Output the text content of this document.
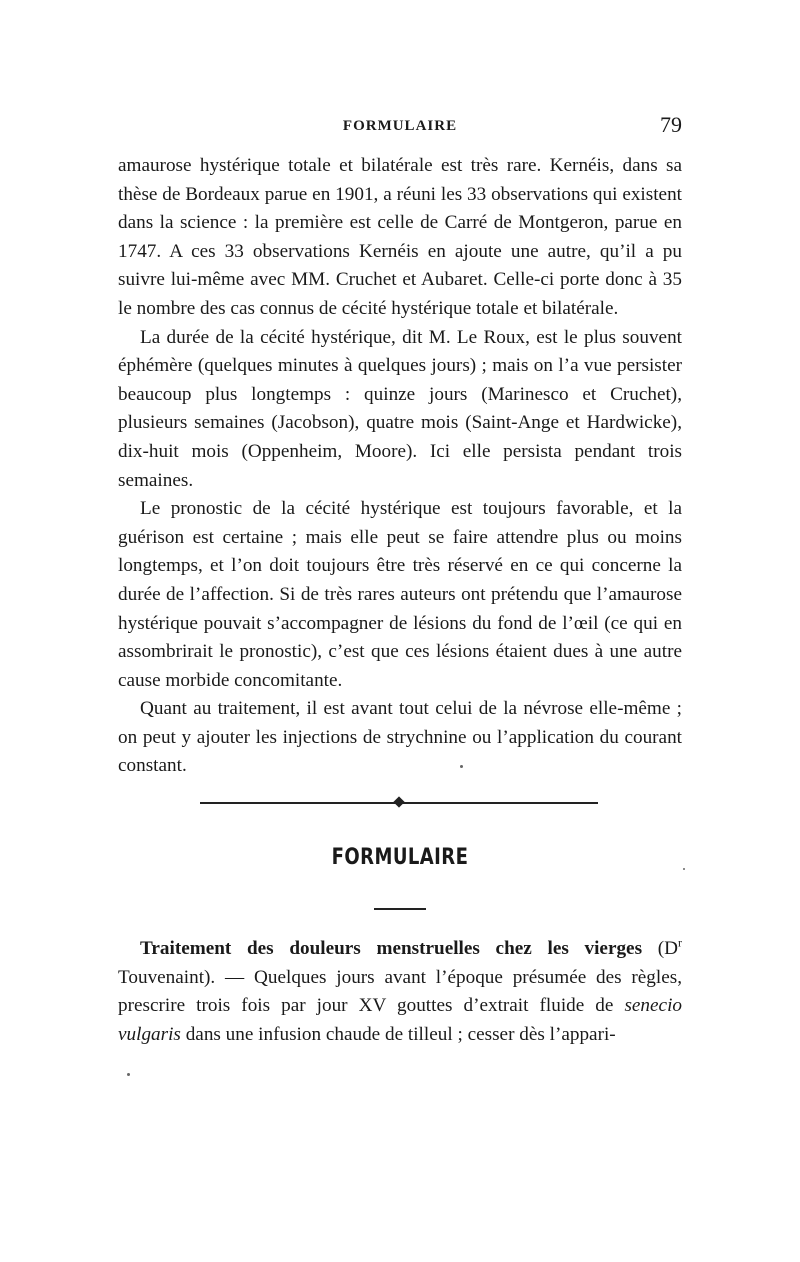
FORMULAIRE	79

amaurose hystérique totale et bilatérale est très rare. Kernéis, dans sa thèse de Bordeaux parue en 1901, a réuni les 33 observations qui existent dans la science : la première est celle de Carré de Montgeron, parue en 1747. A ces 33 observations Kernéis en ajoute une autre, qu’il a pu suivre lui-même avec MM. Cruchet et Aubaret. Celle-ci porte donc à 35 le nombre des cas connus de cécité hystérique totale et bilatérale.

La durée de la cécité hystérique, dit M. Le Roux, est le plus souvent éphémère (quelques minutes à quelques jours) ; mais on l’a vue persister beaucoup plus longtemps : quinze jours (Marinesco et Cruchet), plusieurs semaines (Jacobson), quatre mois (Saint-Ange et Hardwicke), dix-huit mois (Oppenheim, Moore). Ici elle persista pendant trois semaines.

Le pronostic de la cécité hystérique est toujours favorable, et la guérison est certaine ; mais elle peut se faire attendre plus ou moins longtemps, et l’on doit toujours être très réservé en ce qui concerne la durée de l’affection. Si de très rares auteurs ont prétendu que l’amaurose hystérique pouvait s’accompagner de lésions du fond de l’œil (ce qui en assombrirait le pronostic), c’est que ces lésions étaient dues à une autre cause morbide concomitante.

Quant au traitement, il est avant tout celui de la névrose elle-même ; on peut y ajouter les injections de strychnine ou l’application du courant constant.

FORMULAIRE

Traitement des douleurs menstruelles chez les vierges ($D^r$ Touvenaint). — Quelques jours avant l’époque présumée des règles, prescrire trois fois par jour XV gouttes d’extrait fluide de senecio vulgaris dans une infusion chaude de tilleul ; cesser dès l’appari-
